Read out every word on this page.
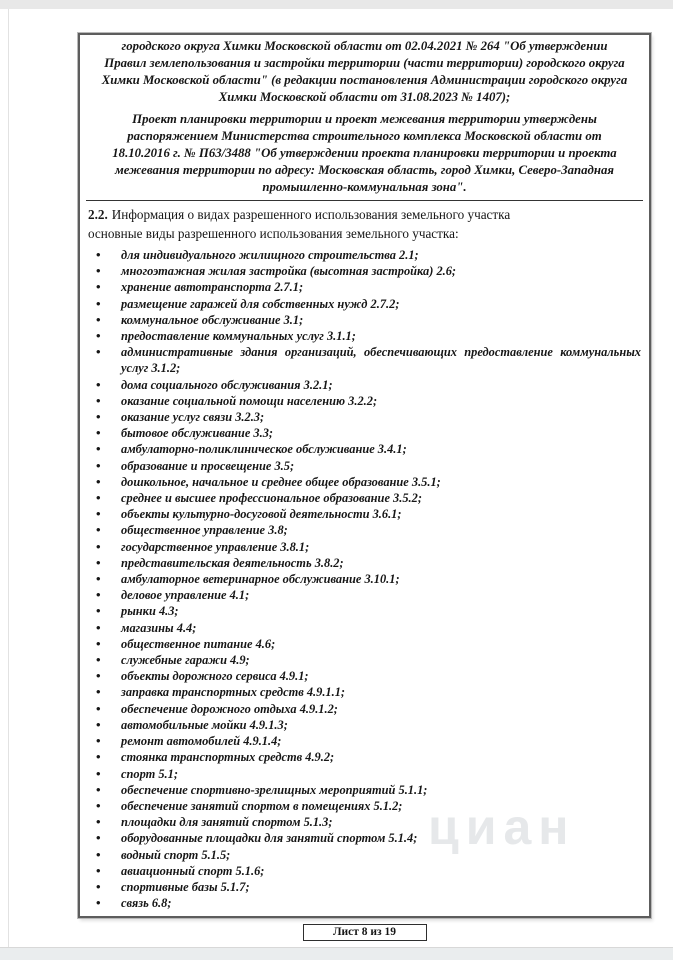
городского округа Химки Московской области от 02.04.2021 № 264 "Об утверждении Правил землепользования и застройки территории (части территории) городского округа Химки Московской области" (в редакции постановления Администрации городского округа Химки Московской области от 31.08.2023 № 1407);

Проект планировки территории и проект межевания территории утверждены распоряжением Министерства строительного комплекса Московской области от 18.10.2016 г. № П63/3488 "Об утверждении проекта планировки территории и проекта межевания территории по адресу: Московская область, город Химки, Северо-Западная промышленно-коммунальная зона".

2.2. Информация о видах разрешенного использования земельного участка
основные виды разрешенного использования земельного участка:
•	для индивидуального жилищного строительства 2.1;
•	многоэтажная жилая застройка (высотная застройка) 2.6;
•	хранение автотранспорта 2.7.1;
•	размещение гаражей для собственных нужд 2.7.2;
•	коммунальное обслуживание 3.1;
•	предоставление коммунальных услуг 3.1.1;
•	административные здания организаций, обеспечивающих предоставление коммунальных услуг 3.1.2;
•	дома социального обслуживания 3.2.1;
•	оказание социальной помощи населению 3.2.2;
•	оказание услуг связи 3.2.3;
•	бытовое обслуживание 3.3;
•	амбулаторно-поликлиническое обслуживание 3.4.1;
•	образование и просвещение 3.5;
•	дошкольное, начальное и среднее общее образование 3.5.1;
•	среднее и высшее профессиональное образование 3.5.2;
•	объекты культурно-досуговой деятельности 3.6.1;
•	общественное управление 3.8;
•	государственное управление 3.8.1;
•	представительская деятельность 3.8.2;
•	амбулаторное ветеринарное обслуживание 3.10.1;
•	деловое управление 4.1;
•	рынки 4.3;
•	магазины 4.4;
•	общественное питание 4.6;
•	служебные гаражи 4.9;
•	объекты дорожного сервиса 4.9.1;
•	заправка транспортных средств 4.9.1.1;
•	обеспечение дорожного отдыха 4.9.1.2;
•	автомобильные мойки 4.9.1.3;
•	ремонт автомобилей 4.9.1.4;
•	стоянка транспортных средств 4.9.2;
•	спорт 5.1;
•	обеспечение спортивно-зрелищных мероприятий 5.1.1;
•	обеспечение занятий спортом в помещениях 5.1.2;
•	площадки для занятий спортом 5.1.3;
•	оборудованные площадки для занятий спортом 5.1.4;
•	водный спорт 5.1.5;
•	авиационный спорт 5.1.6;
•	спортивные базы 5.1.7;
•	связь 6.8;
Лист 8 из 19
циан
